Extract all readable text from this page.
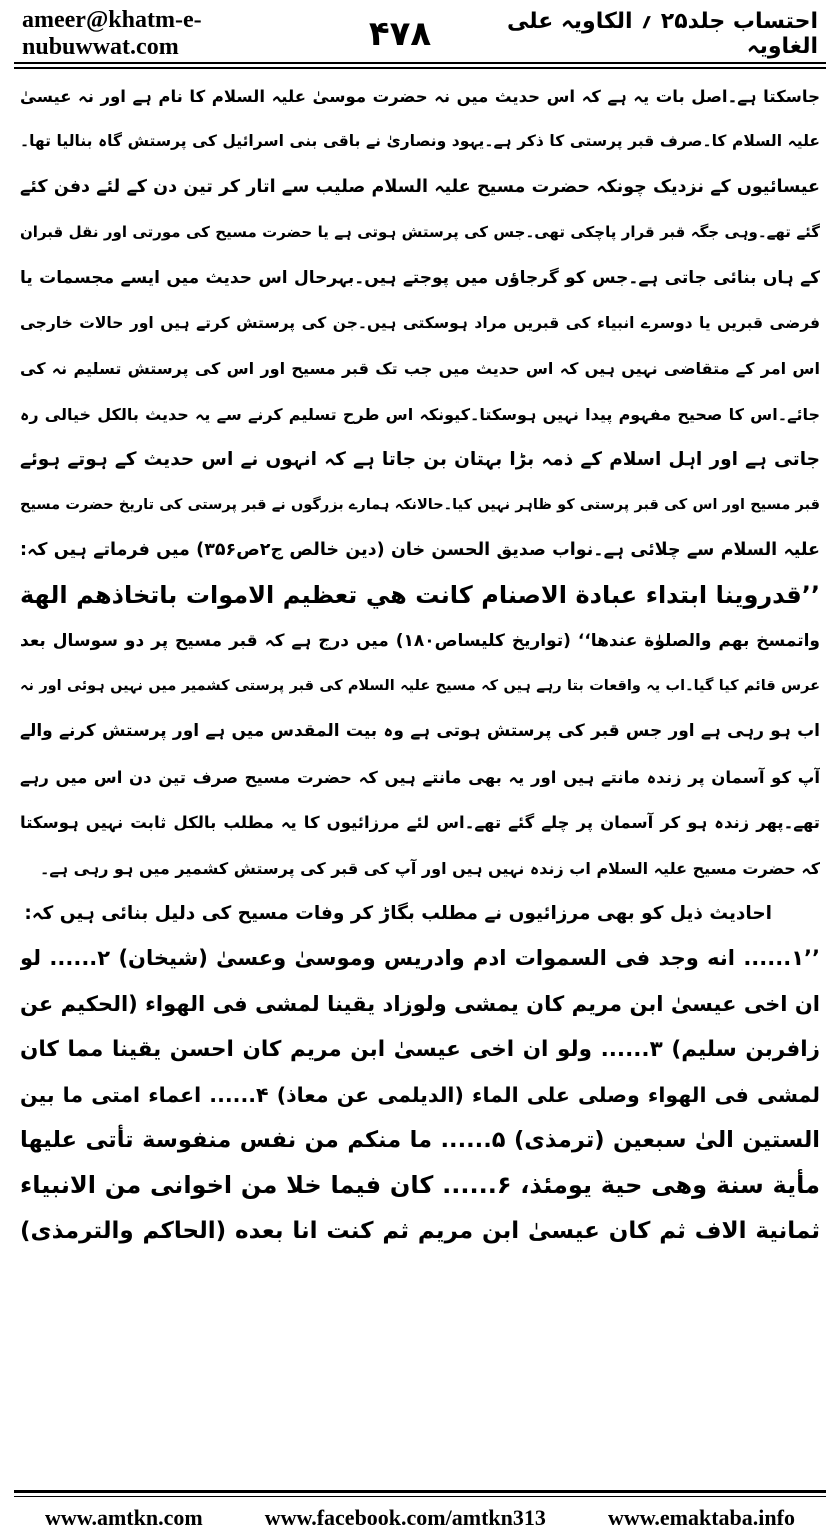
ameer@khatm-e-nubuwwat.com	۴۷۸	احتساب جلد۲۵ ؍ الکاویہ علی الغاویہ
جاسکتا ہے۔اصل بات یہ ہے کہ اس حدیث میں نہ حضرت موسیٰ علیہ السلام کا نام ہے اور نہ عیسیٰ
علیہ السلام کا۔صرف قبر پرستی کا ذکر ہے۔یہود ونصاریٰ نے باقی بنی اسرائیل کی پرستش گاہ بنالیا تھا۔
عیسائیوں کے نزدیک چونکہ حضرت مسیح علیہ السلام صلیب سے اتار کر تین دن کے لئے دفن کئے
گئے تھے۔وہی جگہ قبر قرار پاچکی تھی۔جس کی پرستش ہوتی ہے یا حضرت مسیح کی مورتی اور نقل قبران
کے ہاں بنائی جاتی ہے۔جس کو گرجاؤں میں پوجتے ہیں۔بہرحال اس حدیث میں ایسے مجسمات یا
فرضی قبریں یا دوسرے انبیاء کی قبریں مراد ہوسکتی ہیں۔جن کی پرستش کرتے ہیں اور حالات خارجی
اس امر کے متقاضی نہیں ہیں کہ اس حدیث میں جب تک قبر مسیح اور اس کی پرستش تسلیم نہ کی
جائے۔اس کا صحیح مفہوم پیدا نہیں ہوسکتا۔کیونکہ اس طرح تسلیم کرنے سے یہ حدیث بالکل خیالی رہ
جاتی ہے اور اہل اسلام کے ذمہ بڑا بہتان بن جاتا ہے کہ انہوں نے اس حدیث کے ہوتے ہوئے
قبر مسیح اور اس کی قبر پرستی کو ظاہر نہیں کیا۔حالانکہ ہمارے بزرگوں نے قبر پرستی کی تاریخ حضرت مسیح
علیہ السلام سے چلائی ہے۔نواب صدیق الحسن خان (دین خالص ج۲ص۳۵۶) میں فرماتے ہیں کہ:
’’قدروینا ابتداء عبادة الاصنام كانت هي تعظيم الاموات باتخاذهم الهة
واتمسخ بهم والصلوٰة عندها‘‘ (تواریخ کلیساص۱۸۰) میں درج ہے کہ قبر مسیح پر دو سوسال بعد
عرس قائم کیا گیا۔اب یہ واقعات بتا رہے ہیں کہ مسیح علیہ السلام کی قبر پرستی کشمیر میں نہیں ہوئی اور نہ
اب ہو رہی ہے اور جس قبر کی پرستش ہوتی ہے وہ بیت المقدس میں ہے اور پرستش کرنے والے
آپ کو آسمان پر زندہ مانتے ہیں اور یہ بھی مانتے ہیں کہ حضرت مسیح صرف تین دن اس میں رہے
تھے۔پھر زندہ ہو کر آسمان پر چلے گئے تھے۔اس لئے مرزائیوں کا یہ مطلب بالکل ثابت نہیں ہوسکتا
کہ حضرت مسیح علیہ السلام اب زندہ نہیں ہیں اور آپ کی قبر کی پرستش کشمیر میں ہو رہی ہے۔
احادیث ذیل کو بھی مرزائیوں نے مطلب بگاڑ کر وفات مسیح کی دلیل بنائی ہیں کہ:
’’۱...... انه وجد فی السموات ادم وادريس وموسیٰ وعسیٰ (شيخان) ۲...... لو
ان اخی عيسیٰ ابن مريم كان يمشی ولوزاد يقينا لمشی فی الهواء (الحكيم عن
زافربن سليم) ۳...... ولو ان اخی عيسیٰ ابن مريم كان احسن يقينا مما كان
لمشی فی الهواء وصلی علی الماء (الديلمی عن معاذ) ۴...... اعماء امتی ما بين
الستين الیٰ سبعين (ترمذی) ۵...... ما منكم من نفس منفوسة تأتی عليها
مأية سنة وهی حية يومئذ، ۶...... كان فيما خلا من اخوانی من الانبياء
ثمانية الاف ثم كان عيسیٰ ابن مريم ثم كنت انا بعده (الحاكم والترمذی)
www.amtkn.com	www.facebook.com/amtkn313	www.emaktaba.info
